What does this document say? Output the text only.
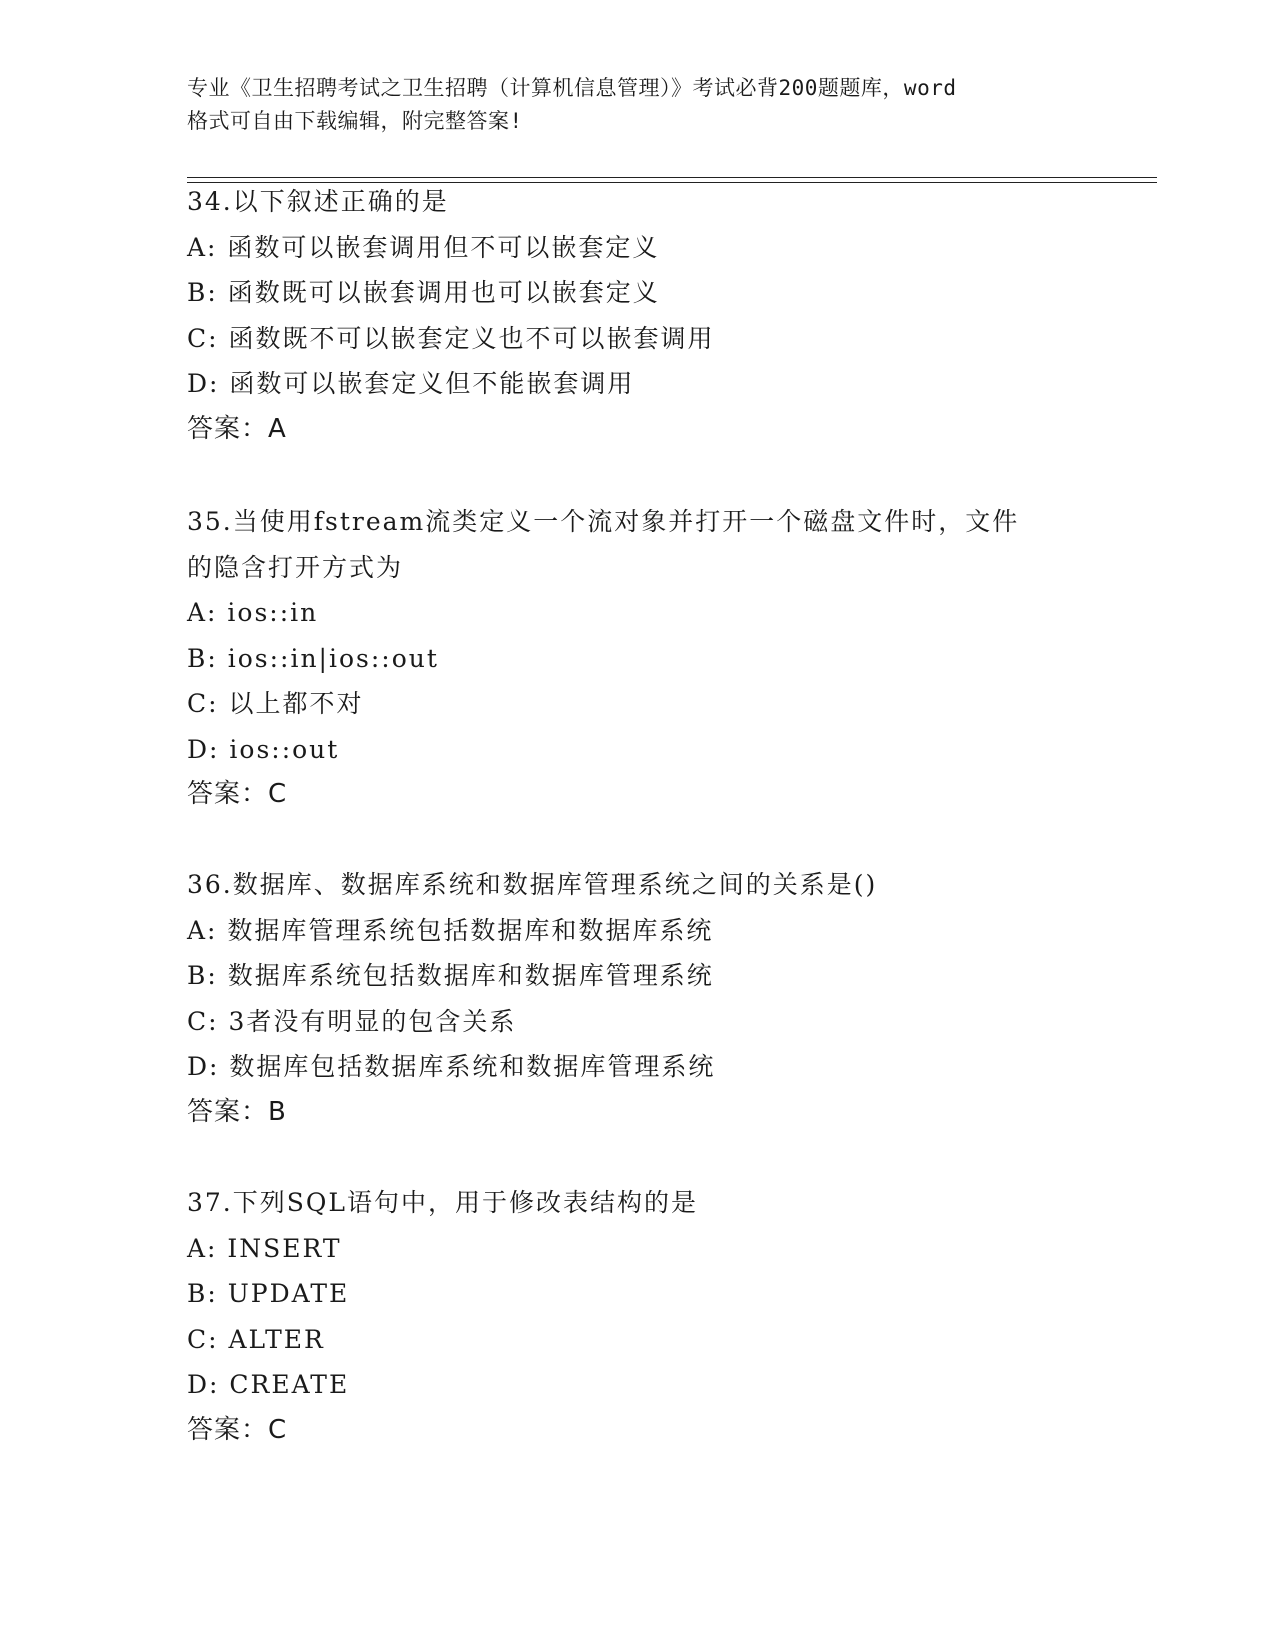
专业《卫生招聘考试之卫生招聘（计算机信息管理）》考试必背200题题库，word
格式可自由下载编辑，附完整答案!
34.以下叙述正确的是
A: 函数可以嵌套调用但不可以嵌套定义
B: 函数既可以嵌套调用也可以嵌套定义
C: 函数既不可以嵌套定义也不可以嵌套调用
D: 函数可以嵌套定义但不能嵌套调用
答案：A
35.当使用fstream流类定义一个流对象并打开一个磁盘文件时，文件
的隐含打开方式为
A: ios::in
B: ios::in|ios::out
C: 以上都不对
D: ios::out
答案：C
36.数据库、数据库系统和数据库管理系统之间的关系是()
A: 数据库管理系统包括数据库和数据库系统
B: 数据库系统包括数据库和数据库管理系统
C: 3者没有明显的包含关系
D: 数据库包括数据库系统和数据库管理系统
答案：B
37.下列SQL语句中，用于修改表结构的是
A: INSERT
B: UPDATE
C: ALTER
D: CREATE
答案：C
